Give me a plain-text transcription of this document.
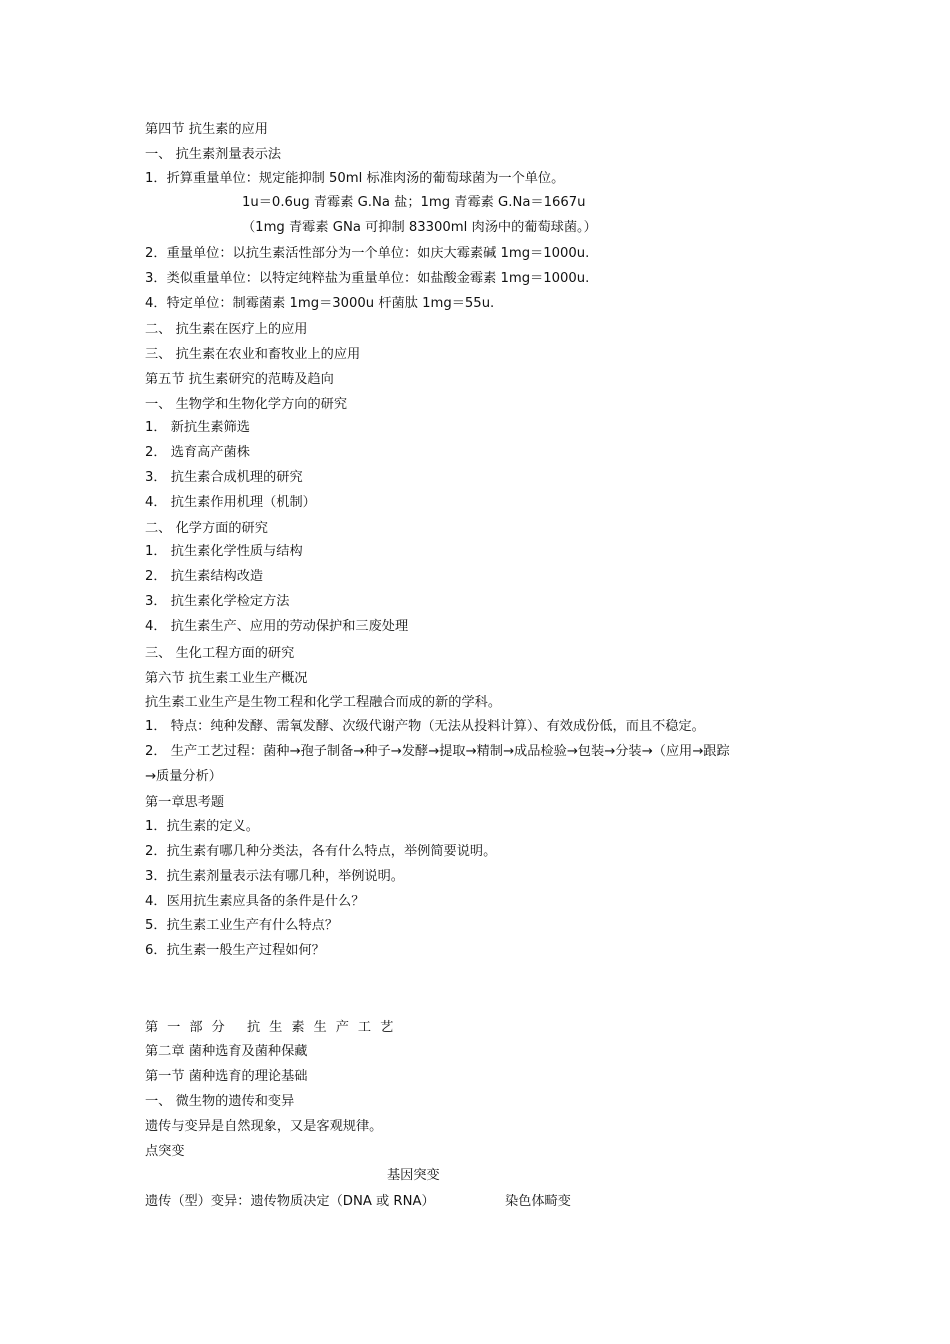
第四节 抗生素的应用
一、 抗生素剂量表示法
1．折算重量单位：规定能抑制 50ml 标准肉汤的葡萄球菌为一个单位。
1u＝0.6ug 青霉素 G.Na 盐；1mg 青霉素 G.Na＝1667u
（1mg 青霉素 GNa 可抑制 83300ml 肉汤中的葡萄球菌。）
2．重量单位：以抗生素活性部分为一个单位：如庆大霉素碱 1mg＝1000u.
3．类似重量单位：以特定纯粹盐为重量单位：如盐酸金霉素 1mg＝1000u.
4．特定单位：制霉菌素 1mg＝3000u 杆菌肽 1mg＝55u.
二、 抗生素在医疗上的应用
三、 抗生素在农业和畜牧业上的应用
第五节 抗生素研究的范畴及趋向
一、 生物学和生物化学方向的研究
1． 新抗生素筛选
2． 选育高产菌株
3． 抗生素合成机理的研究
4． 抗生素作用机理（机制）
二、 化学方面的研究
1． 抗生素化学性质与结构
2． 抗生素结构改造
3． 抗生素化学检定方法
4． 抗生素生产、应用的劳动保护和三废处理
三、 生化工程方面的研究
第六节 抗生素工业生产概况
抗生素工业生产是生物工程和化学工程融合而成的新的学科。
1． 特点：纯种发酵、需氧发酵、次级代谢产物（无法从投料计算）、有效成份低，而且不稳定。
2． 生产工艺过程：菌种→孢子制备→种子→发酵→提取→精制→成品检验→包装→分装→（应用→跟踪
→质量分析）
第一章思考题
1．抗生素的定义。
2．抗生素有哪几种分类法，各有什么特点，举例简要说明。
3．抗生素剂量表示法有哪几种，举例说明。
4．医用抗生素应具备的条件是什么？
5．抗生素工业生产有什么特点？
6．抗生素一般生产过程如何？
第一部分 抗生素生产工艺
第二章 菌种选育及菌种保藏
第一节 菌种选育的理论基础
一、 微生物的遗传和变异
遗传与变异是自然现象，又是客观规律。
点突变
基因突变
遗传（型）变异：遗传物质决定（DNA 或 RNA）	染色体畸变
